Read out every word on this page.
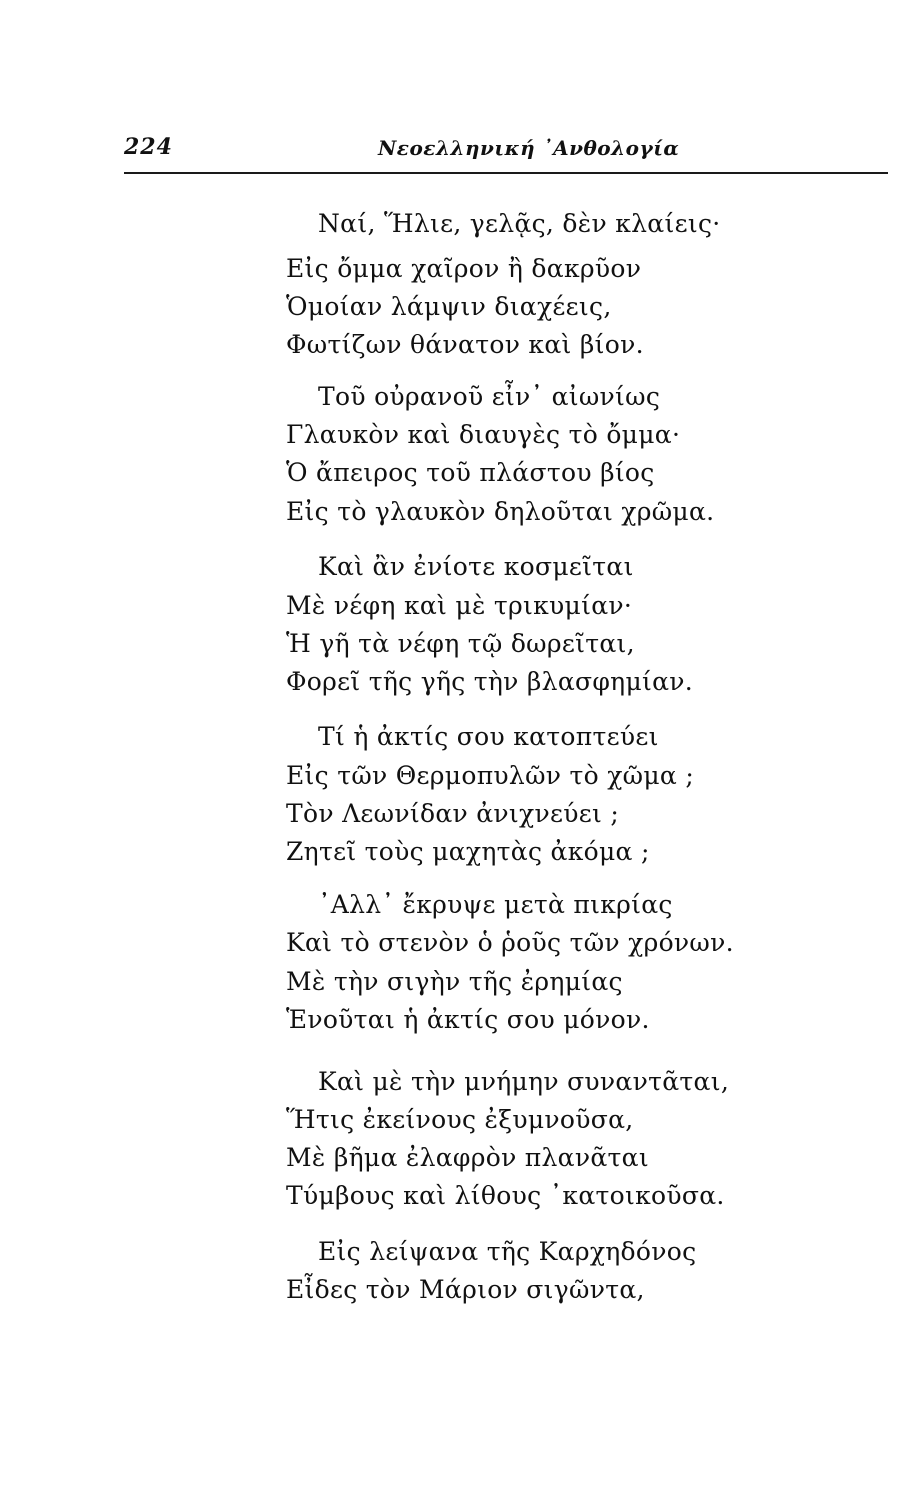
224	Νεοελληνική ᾿Ανθολογία
Ναί, Ἥλιε, γελᾷς, δὲν κλαίεις·
Εἰς ὄμμα χαῖρον ἢ δακρῦον
Ὁμοίαν λάμψιν διαχέεις,
Φωτίζων θάνατον καὶ βίον.
Τοῦ οὐρανοῦ εἶν᾿ αἰωνίως
Γλαυκὸν καὶ διαυγὲς τὸ ὄμμα·
Ὁ ἄπειρος τοῦ πλάστου βίος
Εἰς τὸ γλαυκὸν δηλοῦται χρῶμα.
Καὶ ἂν ἐνίοτε κοσμεῖται
Μὲ νέφη καὶ μὲ τρικυμίαν·
Ἡ γῆ τὰ νέφη τῷ δωρεῖται,
Φορεῖ τῆς γῆς τὴν βλασφημίαν.
Τί ἡ ἀκτίς σου κατοπτεύει
Εἰς τῶν Θερμοπυλῶν τὸ χῶμα ;
Τὸν Λεωνίδαν ἀνιχνεύει ;
Ζητεῖ τοὺς μαχητὰς ἀκόμα ;
᾿Αλλ᾿ ἔκρυψε μετὰ πικρίας
Καὶ τὸ στενὸν ὁ ῥοῦς τῶν χρόνων.
Μὲ τὴν σιγὴν τῆς ἐρημίας
Ἑνοῦται ἡ ἀκτίς σου μόνον.
Καὶ μὲ τὴν μνήμην συναντᾶται,
Ἥτις ἐκείνους ἐξυμνοῦσα,
Μὲ βῆμα ἐλαφρὸν πλανᾶται
Τύμβους καὶ λίθους ᾿κατοικοῦσα.
Εἰς λείψανα τῆς Καρχηδόνος
Εἶδες τὸν Μάριον σιγῶντα,
